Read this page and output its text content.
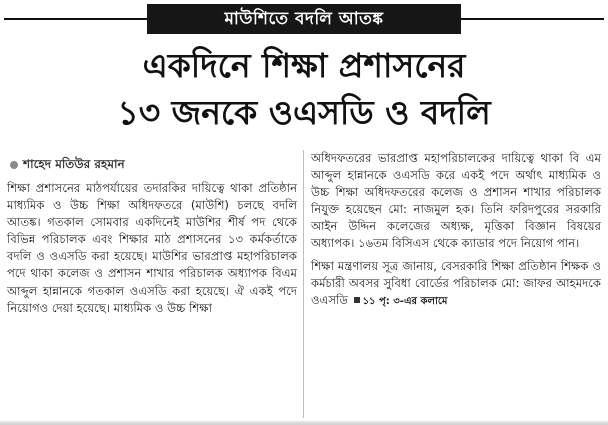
মাউশিতে বদলি আতঙ্ক
একদিনে শিক্ষা প্রশাসনের
১৩ জনকে ওএসডি ও বদলি
শাহেদ মতিউর রহমান

শিক্ষা প্রশাসনের মাঠপর্যায়ের তদারকির দায়িত্বে থাকা প্রতিষ্ঠান মাধ্যমিক ও উচ্চ শিক্ষা অধিদফতরে (মাউশি) চলছে বদলি আতঙ্ক। গতকাল সোমবার একদিনেই মাউশির শীর্ষ পদ থেকে বিভিন্ন পরিচালক এবং শিক্ষার মাঠ প্রশাসনের ১৩ কর্মকর্তাকে বদলি ও ওএসডি করা হয়েছে। মাউশির ভারপ্রাপ্ত মহাপরিচালক পদে থাকা কলেজ ও প্রশাসন শাখার পরিচালক অধ্যাপক বিএম আব্দুল হান্নানকে গতকাল ওএসডি করা হয়েছে। ঐ একই পদে নিয়োগও দেয়া হয়েছে। মাধ্যমিক ও উচ্চ শিক্ষা

অধিদফতরের ভারপ্রাপ্ত মহাপরিচালকের দায়িত্বে থাকা বি এম আব্দুল হান্নানকে ওএসডি করে একই পদে অর্থাৎ মাধ্যমিক ও উচ্চ শিক্ষা অধিদফতরের কলেজ ও প্রশাসন শাখার পরিচালক নিযুক্ত হয়েছেন মো: নাজমুল হক। তিনি ফরিদপুরের সরকারি আইন উদ্দিন কলেজের অধ্যক্ষ, মৃত্তিকা বিজ্ঞান বিষয়ের অধ্যাপক। ১৬তম বিসিএস থেকে ক্যাডার পদে নিয়োগ পান।

শিক্ষা মন্ত্রণালয় সূত্র জানায়, বেসরকারি শিক্ষা প্রতিষ্ঠান শিক্ষক ও কর্মচারী অবসর সুবিধা বোর্ডের পরিচালক মো: জাফর আহমদকে ওএসডি ১১ পৃ: ৩-এর কলামে
